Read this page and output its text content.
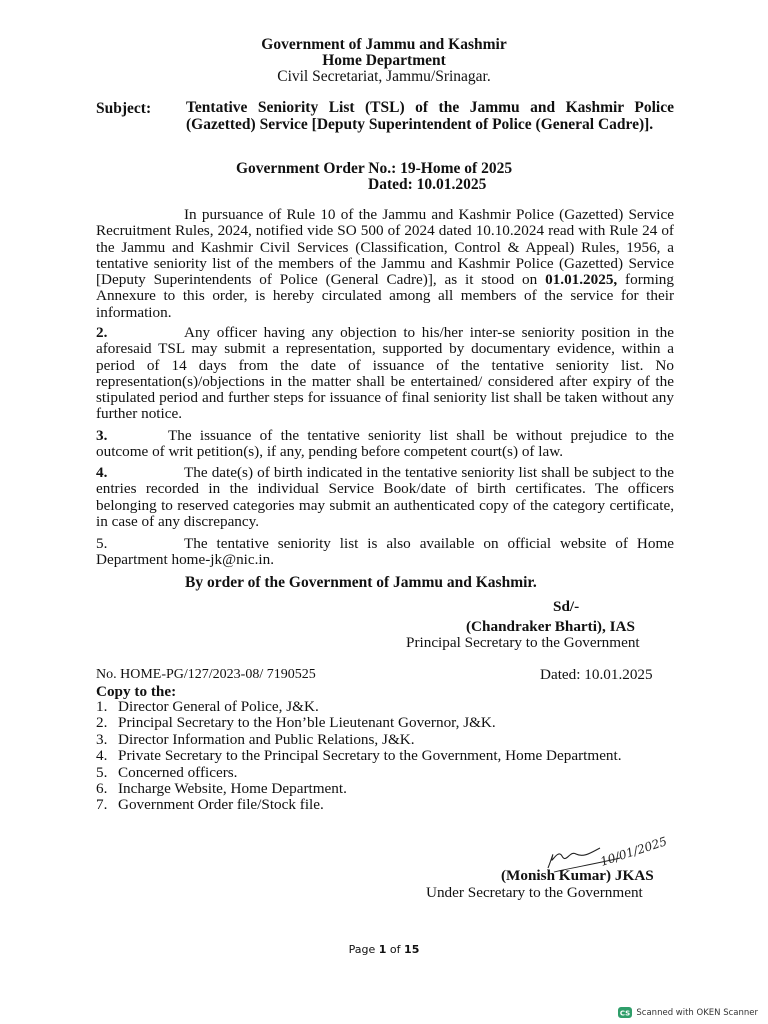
Government of Jammu and Kashmir
Home Department
Civil Secretariat, Jammu/Srinagar.
Subject: Tentative Seniority List (TSL) of the Jammu and Kashmir Police (Gazetted) Service [Deputy Superintendent of Police (General Cadre)].
Government Order No.: 19-Home of 2025
Dated: 10.01.2025
In pursuance of Rule 10 of the Jammu and Kashmir Police (Gazetted) Service Recruitment Rules, 2024, notified vide SO 500 of 2024 dated 10.10.2024 read with Rule 24 of the Jammu and Kashmir Civil Services (Classification, Control & Appeal) Rules, 1956, a tentative seniority list of the members of the Jammu and Kashmir Police (Gazetted) Service [Deputy Superintendents of Police (General Cadre)], as it stood on 01.01.2025, forming Annexure to this order, is hereby circulated among all members of the service for their information.
2.	Any officer having any objection to his/her inter-se seniority position in the aforesaid TSL may submit a representation, supported by documentary evidence, within a period of 14 days from the date of issuance of the tentative seniority list. No representation(s)/objections in the matter shall be entertained/ considered after expiry of the stipulated period and further steps for issuance of final seniority list shall be taken without any further notice.
3.	The issuance of the tentative seniority list shall be without prejudice to the outcome of writ petition(s), if any, pending before competent court(s) of law.
4.	The date(s) of birth indicated in the tentative seniority list shall be subject to the entries recorded in the individual Service Book/date of birth certificates. The officers belonging to reserved categories may submit an authenticated copy of the category certificate, in case of any discrepancy.
5.	The tentative seniority list is also available on official website of Home Department home-jk@nic.in.
By order of the Government of Jammu and Kashmir.
Sd/-
(Chandraker Bharti), IAS
Principal Secretary to the Government
No. HOME-PG/127/2023-08/ 7190525	Dated: 10.01.2025
Copy to the:
1. Director General of Police, J&K.
2. Principal Secretary to the Hon’ble Lieutenant Governor, J&K.
3. Director Information and Public Relations, J&K.
4. Private Secretary to the Principal Secretary to the Government, Home Department.
5. Concerned officers.
6. Incharge Website, Home Department.
7. Government Order file/Stock file.
10/01/2025
(Monish Kumar) JKAS
Under Secretary to the Government
Page 1 of 15
CS Scanned with OKEN Scanner
